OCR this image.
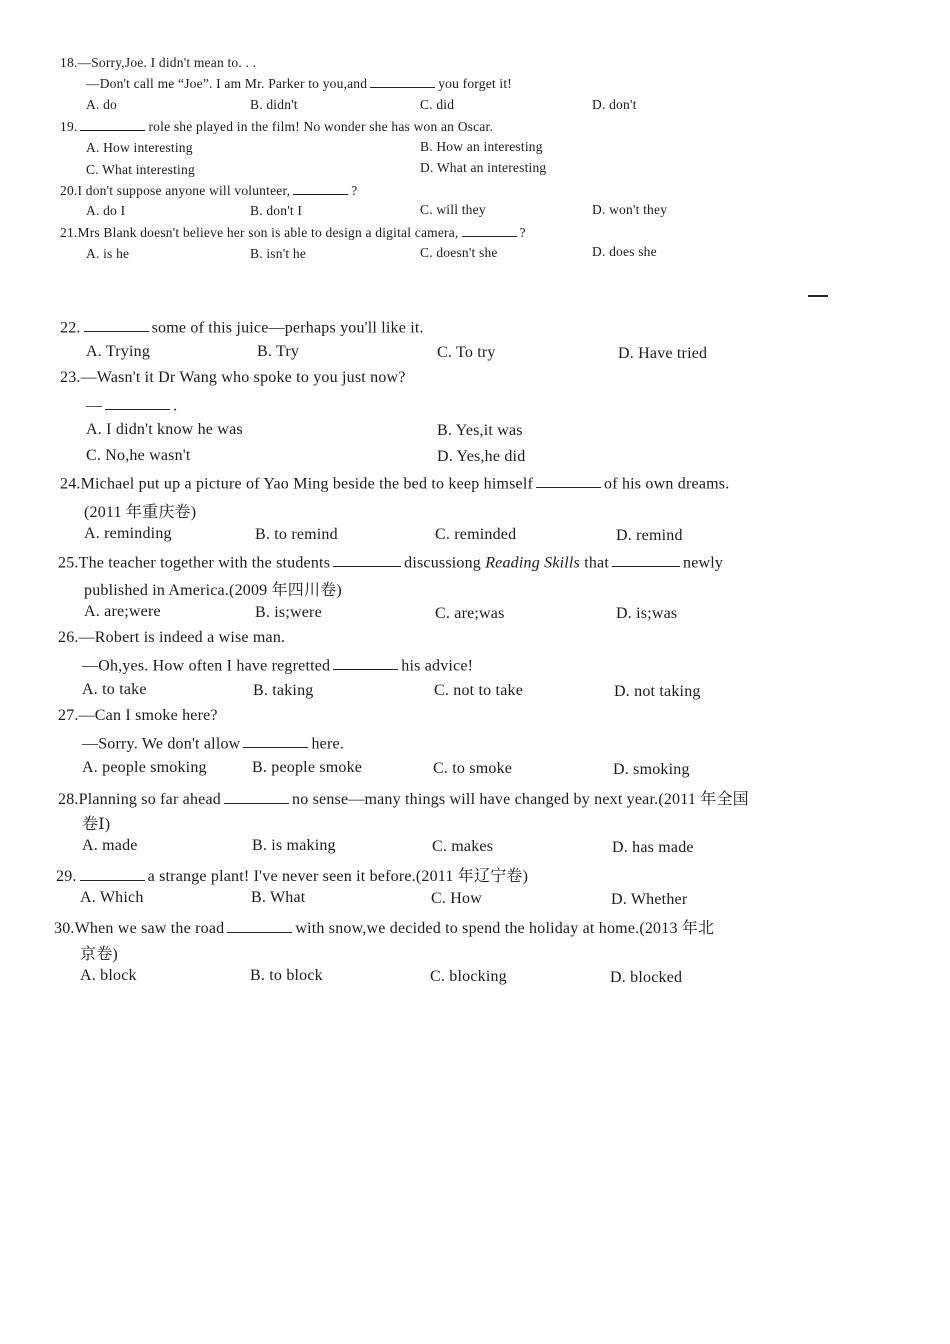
18.—Sorry,Joe. I didn't mean to. . .
—Don't call me “Joe”. I am Mr. Parker to you,and	you forget it!
A. do	B. didn't	C. did	D. don't
19.	role she played in the film! No wonder she has won an Oscar.
A. How interesting	B. How an interesting
C. What interesting	D. What an interesting
20.I don't suppose anyone will volunteer,	?
A. do I	B. don't I	C. will they	D. won't they
21.Mrs Blank doesn't believe her son is able to design a digital camera,	?
A. is he	B. isn't he	C. doesn't she	D. does she
22.	some of this juice—perhaps you'll like it.
A. Trying	B. Try	C. To try	D. Have tried
23.—Wasn't it Dr Wang who spoke to you just now?
—	.
A. I didn't know he was	B. Yes,it was
C. No,he wasn't	D. Yes,he did
24.Michael put up a picture of Yao Ming beside the bed to keep himself	of his own dreams.
(2011 年重庆卷)
A. reminding	B. to remind	C. reminded	D. remind
25.The teacher together with the students	discussiong Reading Skills that	newly
published in America.(2009 年四川卷)
A. are;were	B. is;were	C. are;was	D. is;was
26.—Robert is indeed a wise man.
—Oh,yes. How often I have regretted	his advice!
A. to take	B. taking	C. not to take	D. not taking
27.—Can I smoke here?
—Sorry. We don't allow	here.
A. people smoking	B. people smoke	C. to smoke	D. smoking
28.Planning so far ahead	no sense—many things will have changed by next year.(2011 年全国
卷Ⅰ)
A. made	B. is making	C. makes	D. has made
29.	a strange plant! I've never seen it before.(2011 年辽宁卷)
A. Which	B. What	C. How	D. Whether
30.When we saw the road	with snow,we decided to spend the holiday at home.(2013 年北
京卷)
A. block	B. to block	C. blocking	D. blocked
